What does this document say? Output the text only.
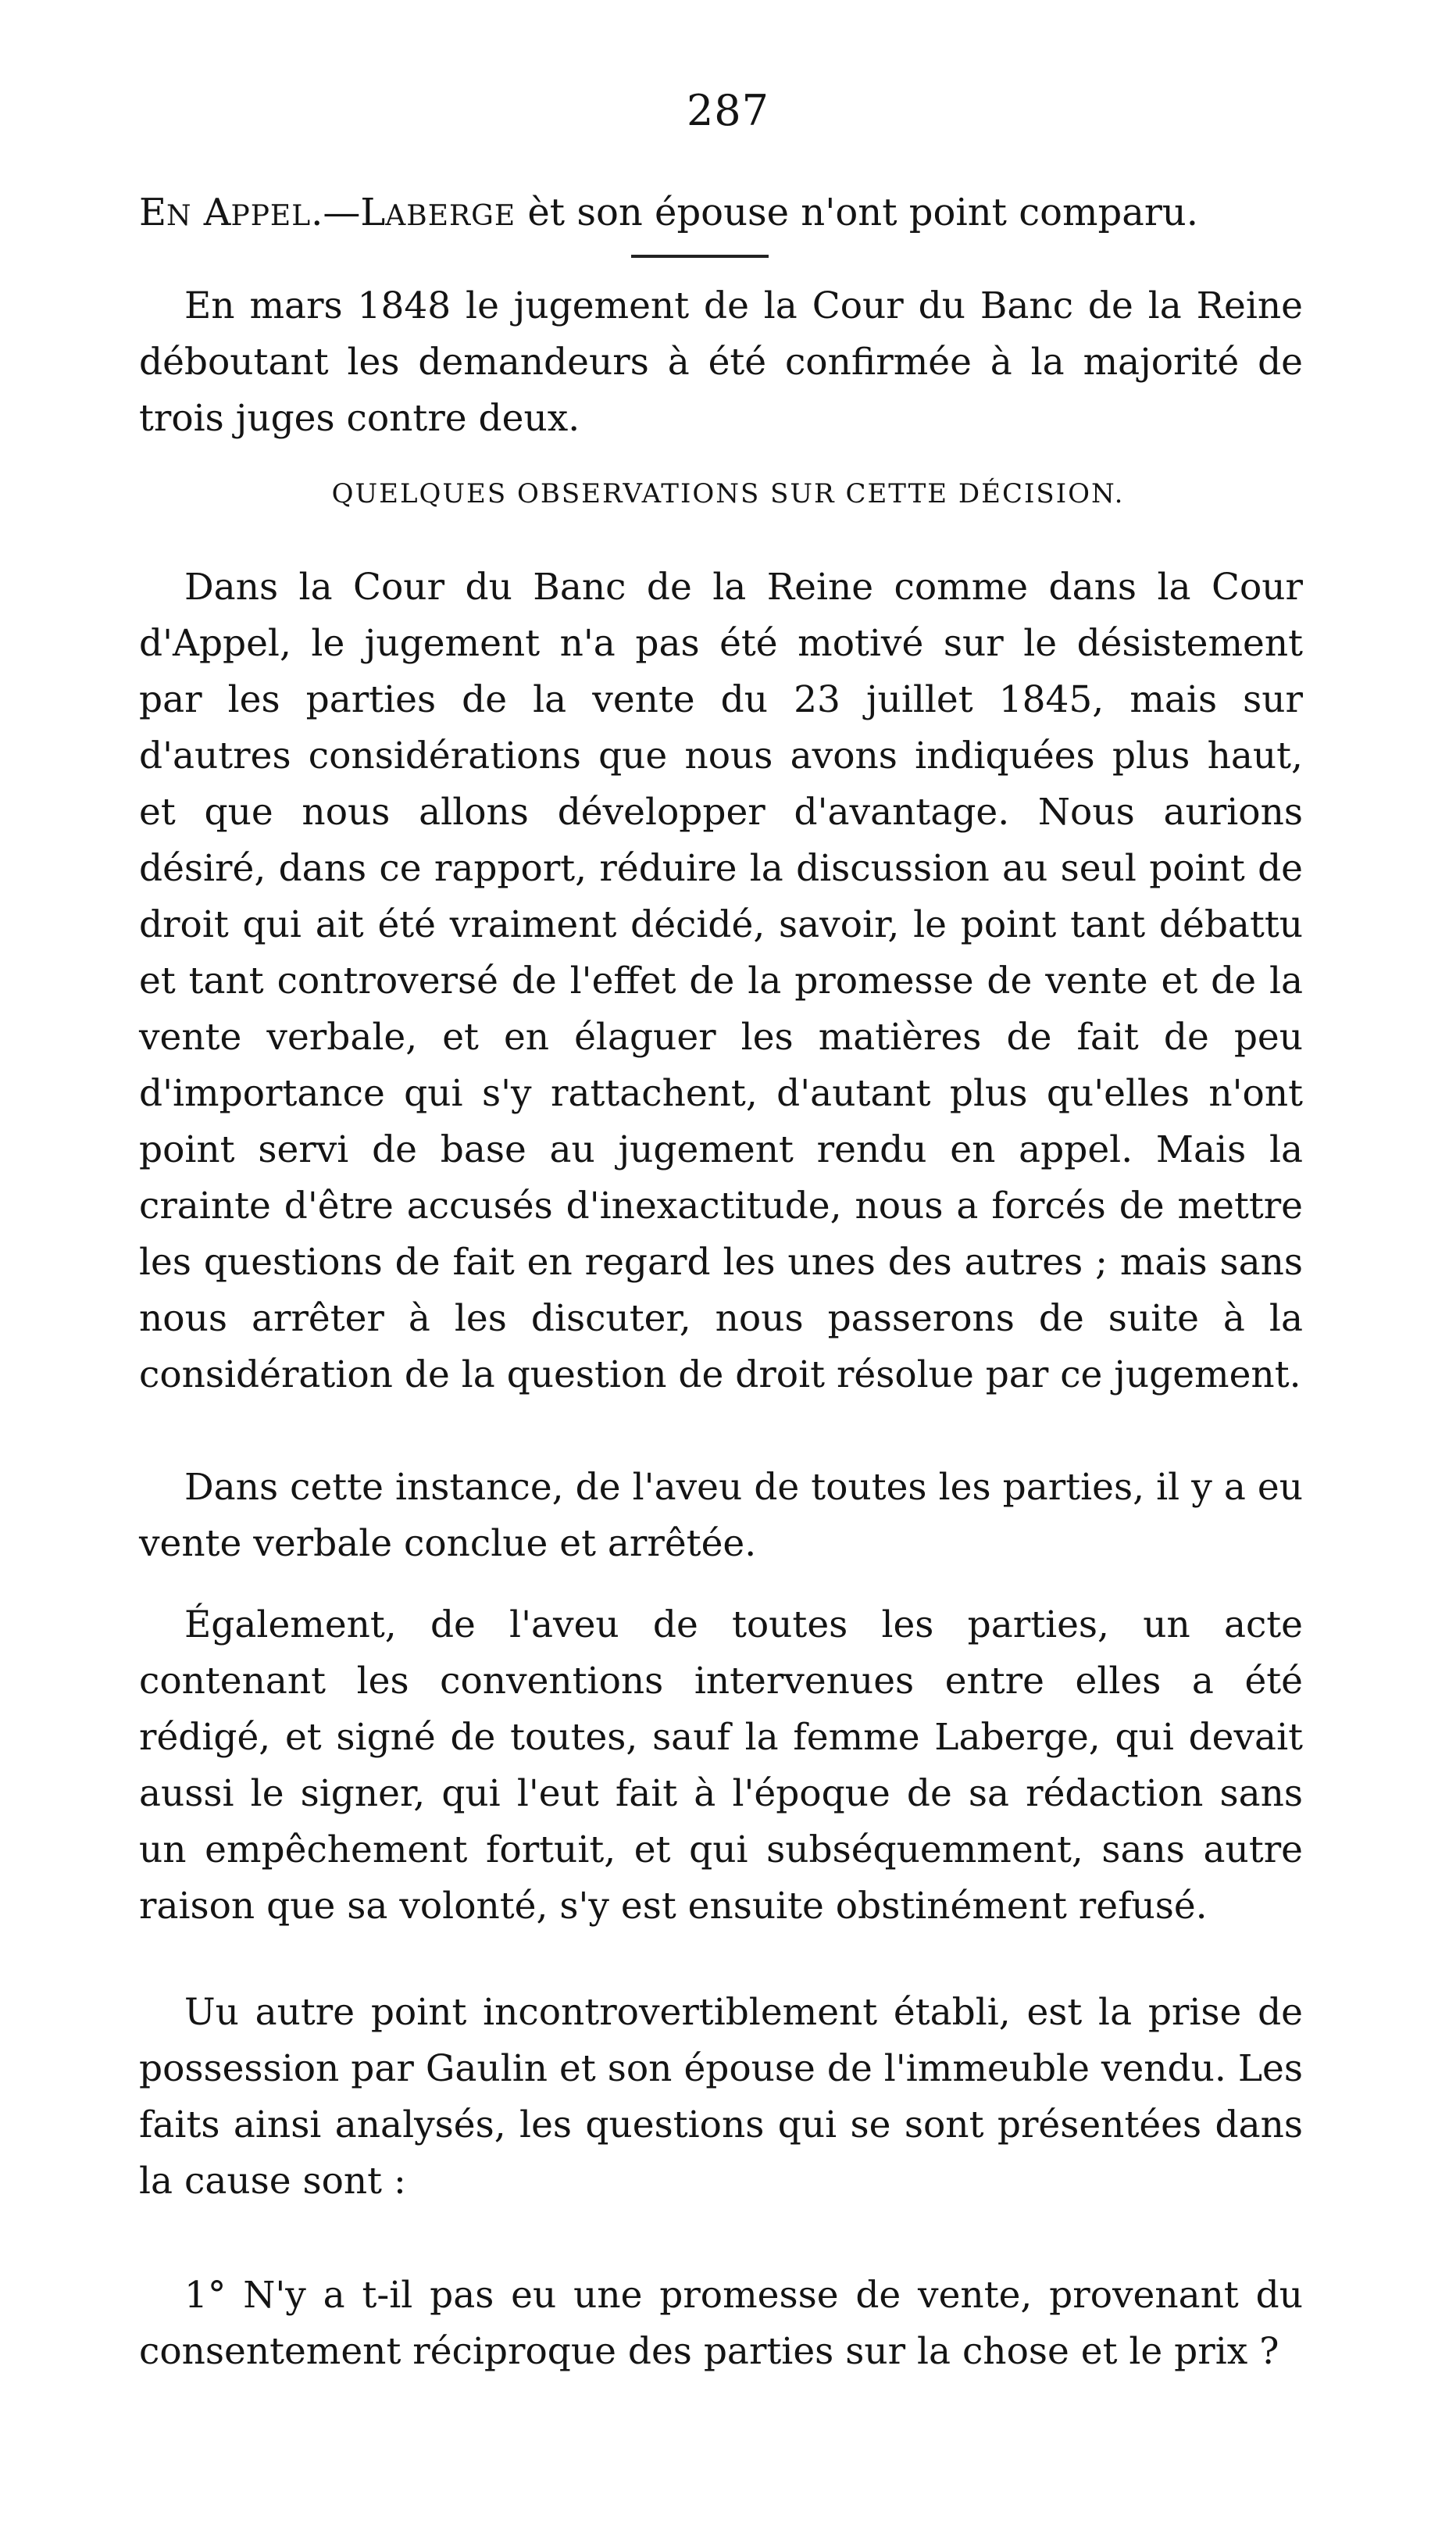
287
EN APPEL.—LABERGE èt son épouse n'ont point comparu.

En mars 1848 le jugement de la Cour du Banc de la Reine déboutant les demandeurs à été confirmée à la majorité de trois juges contre deux.

QUELQUES OBSERVATIONS SUR CETTE DÉCISION.

Dans la Cour du Banc de la Reine comme dans la Cour d'Appel, le jugement n'a pas été motivé sur le désistement par les parties de la vente du 23 juillet 1845, mais sur d'autres considérations que nous avons indiquées plus haut, et que nous allons développer d'avantage. Nous aurions désiré, dans ce rapport, réduire la discussion au seul point de droit qui ait été vraiment décidé, savoir, le point tant débattu et tant controversé de l'effet de la promesse de vente et de la vente verbale, et en élaguer les matières de fait de peu d'importance qui s'y rattachent, d'autant plus qu'elles n'ont point servi de base au jugement rendu en appel. Mais la crainte d'être accusés d'inexactitude, nous a forcés de mettre les questions de fait en regard les unes des autres ; mais sans nous arrêter à les discuter, nous passerons de suite à la considération de la question de droit résolue par ce jugement.

Dans cette instance, de l'aveu de toutes les parties, il y a eu vente verbale conclue et arrêtée.

Également, de l'aveu de toutes les parties, un acte contenant les conventions intervenues entre elles a été rédigé, et signé de toutes, sauf la femme Laberge, qui devait aussi le signer, qui l'eut fait à l'époque de sa rédaction sans un empêchement fortuit, et qui subséquemment, sans autre raison que sa volonté, s'y est ensuite obstinément refusé.

Uu autre point incontrovertiblement établi, est la prise de possession par Gaulin et son épouse de l'immeuble vendu. Les faits ainsi analysés, les questions qui se sont présentées dans la cause sont :

1° N'y a t-il pas eu une promesse de vente, provenant du consentement réciproque des parties sur la chose et le prix ?
